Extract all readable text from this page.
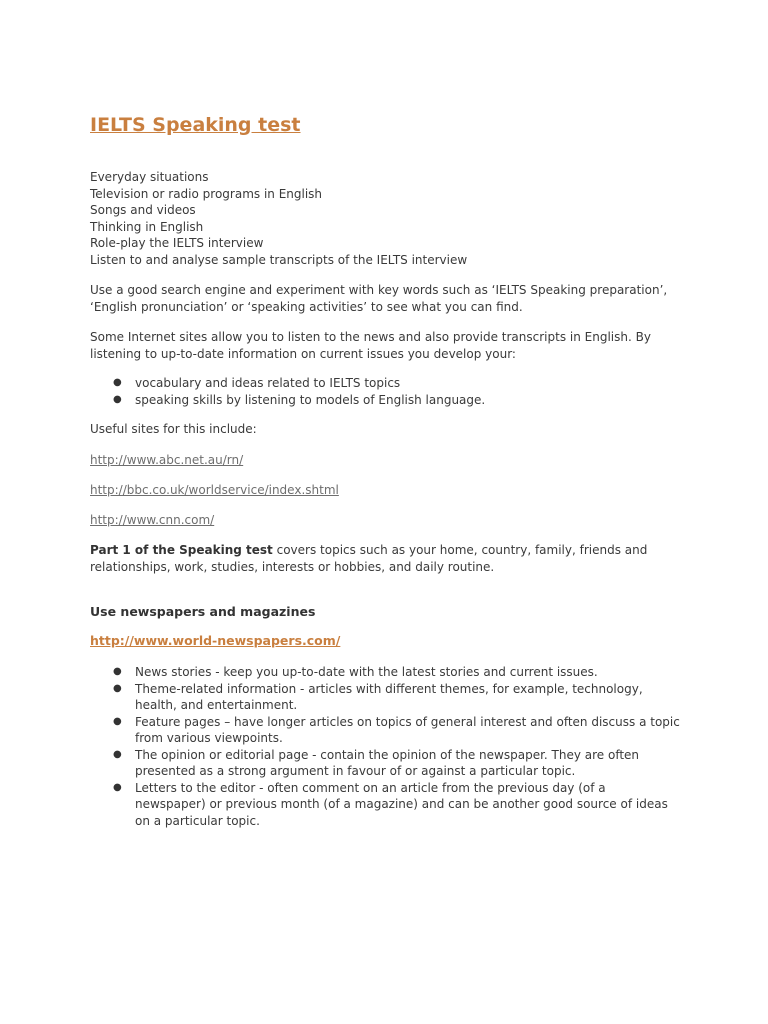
IELTS Speaking test
Everyday situations
Television or radio programs in English
Songs and videos
Thinking in English
Role-play the IELTS interview
Listen to and analyse sample transcripts of the IELTS interview

Use a good search engine and experiment with key words such as ‘IELTS Speaking preparation’, ‘English pronunciation’ or ‘speaking activities’ to see what you can find.

Some Internet sites allow you to listen to the news and also provide transcripts in English. By listening to up-to-date information on current issues you develop your:

● vocabulary and ideas related to IELTS topics
● speaking skills by listening to models of English language.

Useful sites for this include:

http://www.abc.net.au/rn/

http://bbc.co.uk/worldservice/index.shtml

http://www.cnn.com/

Part 1 of the Speaking test covers topics such as your home, country, family, friends and relationships, work, studies, interests or hobbies, and daily routine.

Use newspapers and magazines

http://www.world-newspapers.com/

● News stories - keep you up-to-date with the latest stories and current issues.
● Theme-related information - articles with different themes, for example, technology, health, and entertainment.
● Feature pages – have longer articles on topics of general interest and often discuss a topic from various viewpoints.
● The opinion or editorial page - contain the opinion of the newspaper. They are often presented as a strong argument in favour of or against a particular topic.
● Letters to the editor - often comment on an article from the previous day (of a newspaper) or previous month (of a magazine) and can be another good source of ideas on a particular topic.
